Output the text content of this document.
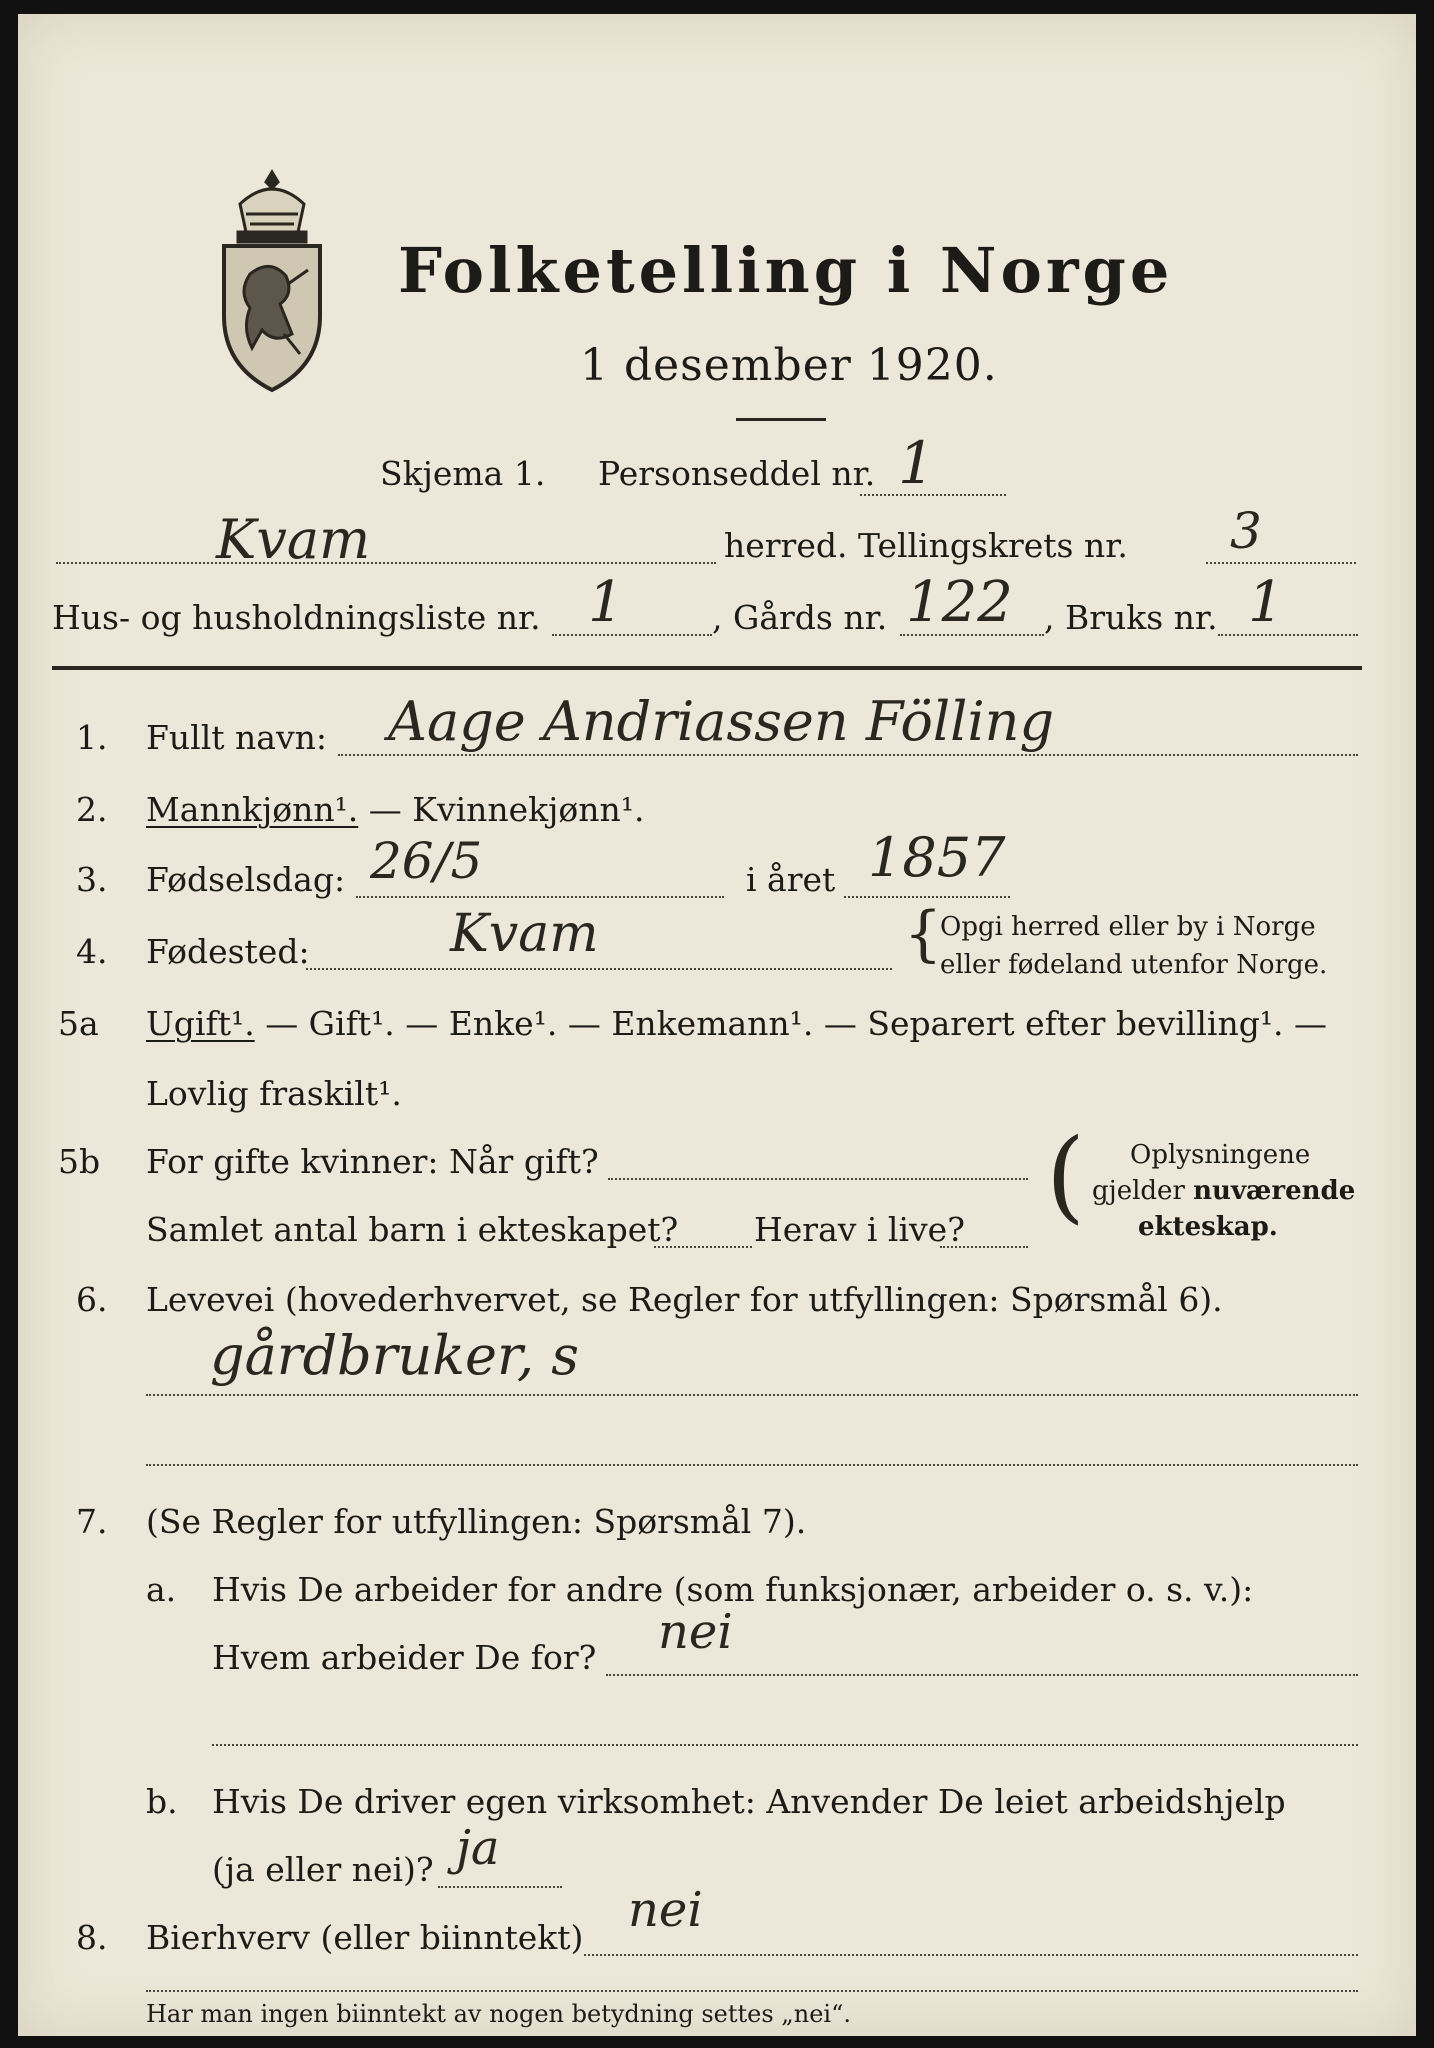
Folketelling i Norge
1 desember 1920.
Skjema 1. Personseddel nr. 1
Kvam	herred. Tellingskrets nr. 3
Hus- og husholdningsliste nr. 1	, Gårds nr. 122 , Bruks nr. 1
1. Fullt navn: Aage Andriassen Fölling
2. Mannkjønn¹. — Kvinnekjønn¹.
3. Fødselsdag: 26/5	i året 1857
4. Fødested:	Kvam	{
Opgi herred eller by i Norge
eller fødeland utenfor Norge.
5a Ugift¹. — Gift¹. — Enke¹. — Enkemann¹. — Separert efter bevilling¹. —
Lovlig fraskilt¹.
5b For gifte kvinner: Når gift?
Samlet antal barn i ekteskapet? Herav i live? ( Oplysningene
gjelder nuværende
ekteskap.
6. Levevei (hovederhvervet, se Regler for utfyllingen: Spørsmål 6).
gårdbruker, s
7. (Se Regler for utfyllingen: Spørsmål 7).
a. Hvis De arbeider for andre (som funksjonær, arbeider o. s. v.):
Hvem arbeider De for? nei
b. Hvis De driver egen virksomhet: Anvender De leiet arbeidshjelp
(ja eller nei)? ja
8. Bierhverv (eller biinntekt) nei
Har man ingen biinntekt av nogen betydning settes „nei“.
